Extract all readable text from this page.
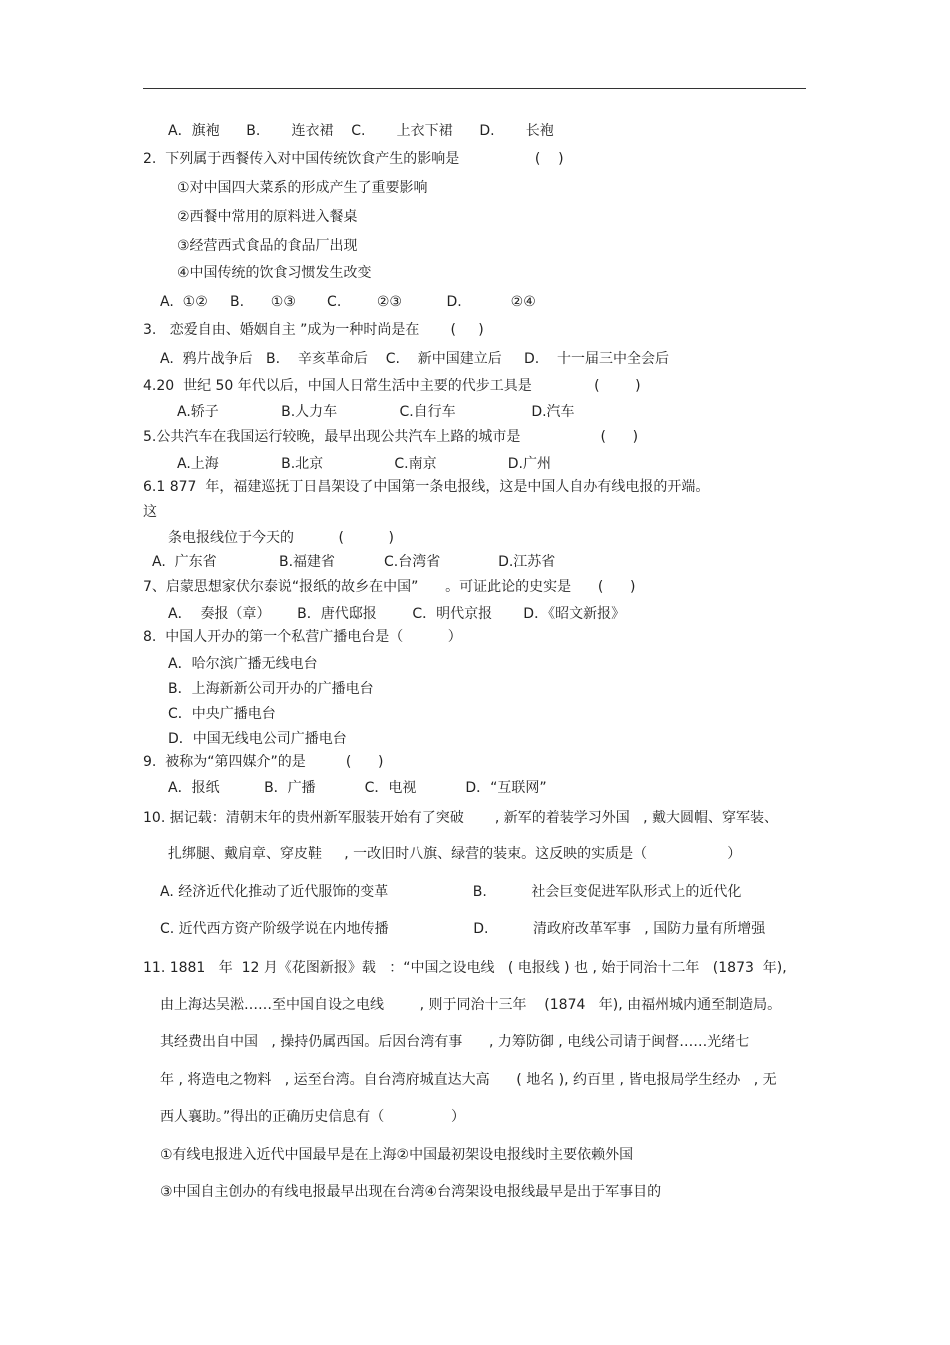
A．旗袍      B.       连衣裙    C.       上衣下裙      D.       长袍
2.  下列属于西餐传入对中国传统饮食产生的影响是                 (    )
①对中国四大菜系的形成产生了重要影响
②西餐中常用的原料进入餐桌
③经营西式食品的食品厂出现
④中国传统的饮食习惯发生改变
A.  ①②     B.      ①③       C.        ②③          D.           ②④
3.   恋爱自由、婚姻自主 ”成为一种时尚是在       (     )
A.  鸦片战争后   B.    辛亥革命后    C.    新中国建立后     D.    十一届三中全会后
4.20  世纪 50 年代以后，中国人日常生活中主要的代步工具是              (        )
A.轿子              B.人力车              C.自行车                 D.汽车
5.公共汽车在我国运行较晚，最早出现公共汽车上路的城市是                  (      )
A.上海              B.北京                C.南京                D.广州
6.1 877  年，福建巡抚丁日昌架设了中国第一条电报线，这是中国人自办有线电报的开端。
这
条电报线位于今天的          (          )
A.  广东省              B.福建省           C.台湾省             D.江苏省
7、启蒙思想家伏尔泰说“报纸的故乡在中国”      。可证此论的史实是      (      )
A．  奏报（章）      B．唐代邸报        C．明代京报       D．《昭文新报》
8.  中国人开办的第一个私营广播电台是（          ）
A．哈尔滨广播无线电台
B．上海新新公司开办的广播电台
C．中央广播电台
D．中国无线电公司广播电台
9.  被称为“第四媒介”的是         (      )
A．报纸          B．广播           C．电视           D．“互联网”
10. 据记载：清朝末年的贵州新军服装开始有了突破       , 新军的着装学习外国   , 戴大圆帽、穿军装、
扎绑腿、戴肩章、穿皮鞋     , 一改旧时八旗、绿营的装束。这反映的实质是（                  ）
A. 经济近代化推动了近代服饰的变革                   B.          社会巨变促进军队形式上的近代化
C. 近代西方资产阶级学说在内地传播                   D.          清政府改革军事   , 国防力量有所增强
11. 1881   年  12 月《花图新报》载   ：“中国之设电线   ( 电报线 ) 也 , 始于同治十二年   (1873  年),
由上海达吴淞……至中国自设之电线        , 则于同治十三年    (1874   年), 由福州城内通至制造局。
其经费出自中国   , 操持仍属西国。后因台湾有事      , 力筹防御 , 电线公司请于闽督……光绪七
年 , 将造电之物料   , 运至台湾。自台湾府城直达大高      ( 地名 ), 约百里 , 皆电报局学生经办   , 无
西人襄助。”得出的正确历史信息有（               ）
①有线电报进入近代中国最早是在上海②中国最初架设电报线时主要依赖外国
③中国自主创办的有线电报最早出现在台湾④台湾架设电报线最早是出于军事目的
